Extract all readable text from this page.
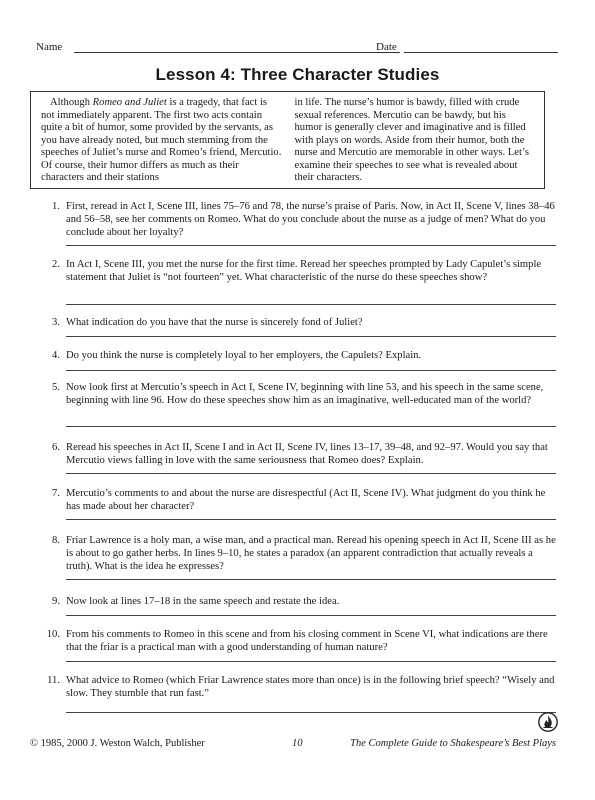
Name	Date
Lesson 4: Three Character Studies
Although Romeo and Juliet is a tragedy, that fact is not immediately apparent. The first two acts contain quite a bit of humor, some provided by the servants, as you have already noted, but much stemming from the speeches of Juliet’s nurse and Romeo’s friend, Mercutio. Of course, their humor differs as much as their characters and their stations
in life. The nurse’s humor is bawdy, filled with crude sexual references. Mercutio can be bawdy, but his humor is generally clever and imaginative and is filled with plays on words. Aside from their humor, both the nurse and Mercutio are memorable in other ways. Let’s examine their speeches to see what is revealed about their characters.
1. First, reread in Act I, Scene III, lines 75–76 and 78, the nurse’s praise of Paris. Now, in Act II, Scene V, lines 38–46 and 56–58, see her comments on Romeo. What do you conclude about the nurse as a judge of men? What do you conclude about her loyalty?
2. In Act I, Scene III, you met the nurse for the first time. Reread her speeches prompted by Lady Capulet’s simple statement that Juliet is “not fourteen” yet. What characteristic of the nurse do these speeches show?
3. What indication do you have that the nurse is sincerely fond of Juliet?
4. Do you think the nurse is completely loyal to her employers, the Capulets? Explain.
5. Now look first at Mercutio’s speech in Act I, Scene IV, beginning with line 53, and his speech in the same scene, beginning with line 96. How do these speeches show him as an imaginative, well-educated man of the world?
6. Reread his speeches in Act II, Scene I and in Act II, Scene IV, lines 13–17, 39–48, and 92–97. Would you say that Mercutio views falling in love with the same seriousness that Romeo does? Explain.
7. Mercutio’s comments to and about the nurse are disrespectful (Act II, Scene IV). What judgment do you think he has made about her character?
8. Friar Lawrence is a holy man, a wise man, and a practical man. Reread his opening speech in Act II, Scene III as he is about to go gather herbs. In lines 9–10, he states a paradox (an apparent contradiction that actually reveals a truth). What is the idea he expresses?
9. Now look at lines 17–18 in the same speech and restate the idea.
10. From his comments to Romeo in this scene and from his closing comment in Scene VI, what indications are there that the friar is a practical man with a good understanding of human nature?
11. What advice to Romeo (which Friar Lawrence states more than once) is in the following brief speech? “Wisely and slow. They stumble that run fast.”
© 1985, 2000 J. Weston Walch, Publisher	10	The Complete Guide to Shakespeare’s Best Plays
